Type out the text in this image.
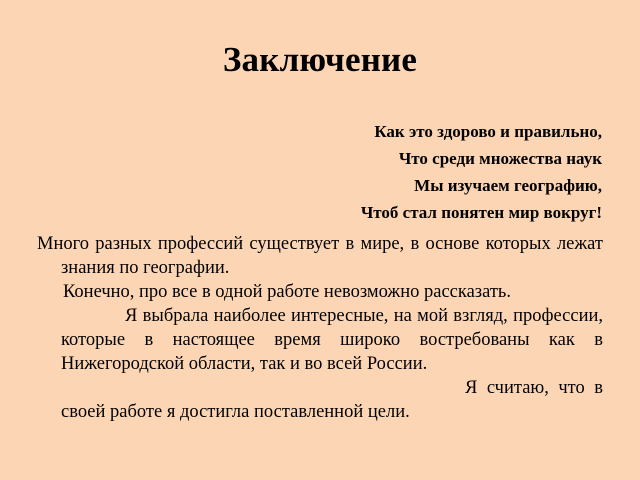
Заключение
Как это здорово и правильно,
Что среди множества наук
Мы изучаем географию,
Чтоб стал понятен мир вокруг!

Много разных профессий существует в мире, в основе которых лежат знания по географии.

Конечно, про все в одной работе невозможно рассказать.

Я выбрала наиболее интересные, на мой взгляд, профессии, которые в настоящее время широко востребованы как в Нижегородской области, так и во всей России.

Я считаю, что в своей работе я достигла поставленной цели.
